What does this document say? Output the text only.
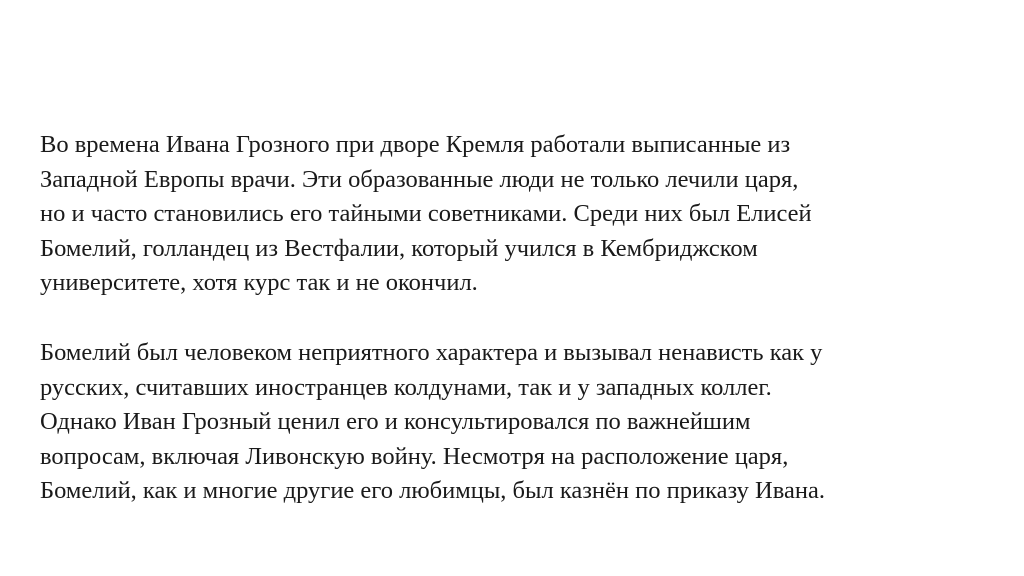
Во времена Ивана Грозного при дворе Кремля работали выписанные из
Западной Европы врачи. Эти образованные люди не только лечили царя,
но и часто становились его тайными советниками. Среди них был Елисей
Бомелий, голландец из Вестфалии, который учился в Кембриджском
университете, хотя курс так и не окончил.

Бомелий был человеком неприятного характера и вызывал ненависть как у
русских, считавших иностранцев колдунами, так и у западных коллег.
Однако Иван Грозный ценил его и консультировался по важнейшим
вопросам, включая Ливонскую войну. Несмотря на расположение царя,
Бомелий, как и многие другие его любимцы, был казнён по приказу Ивана.
